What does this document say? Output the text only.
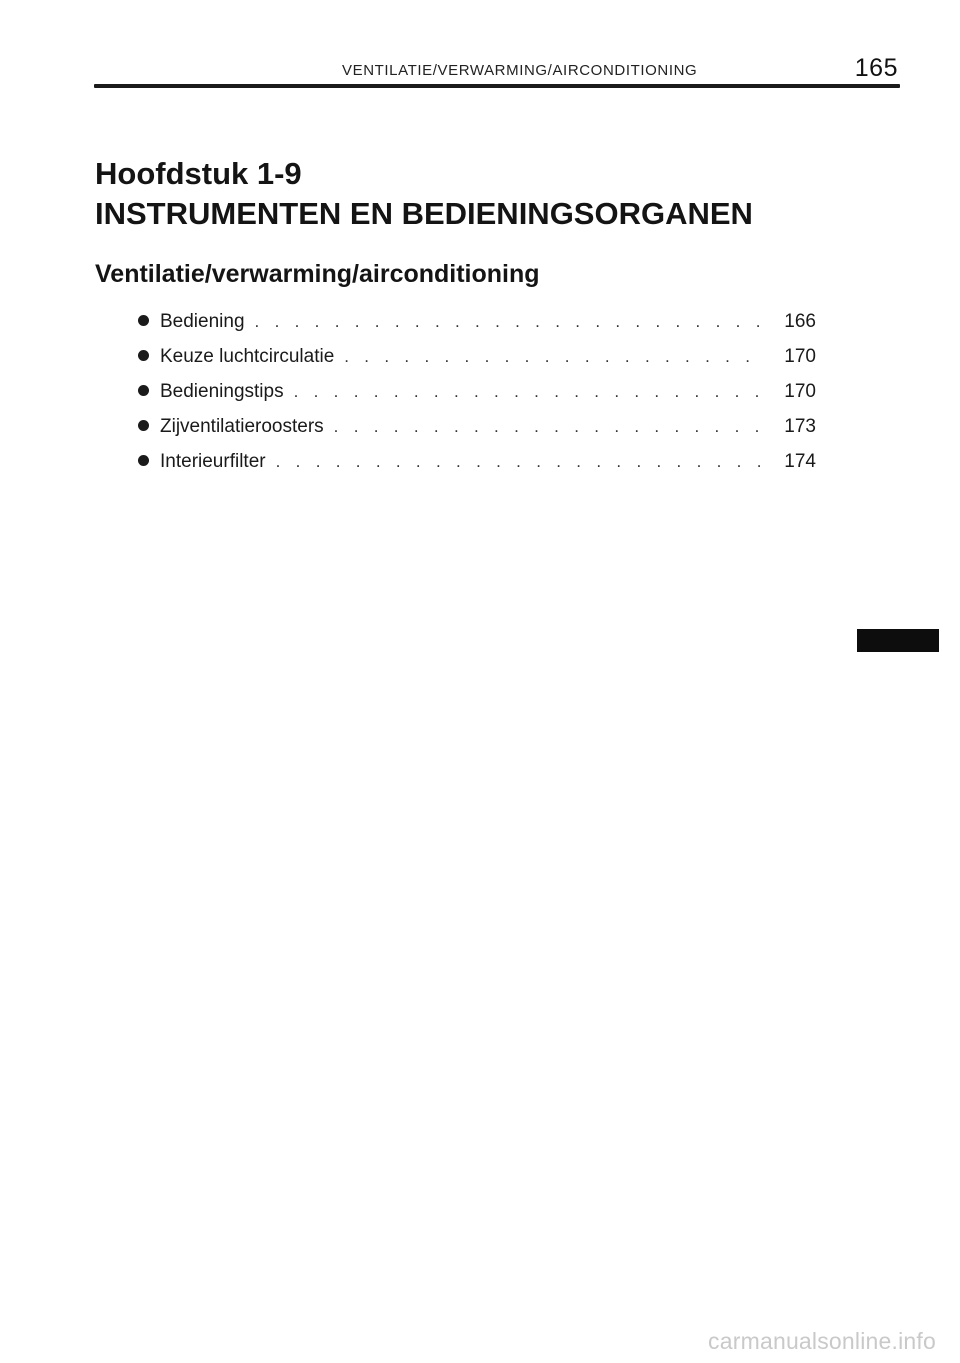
VENTILATIE/VERWARMING/AIRCONDITIONING	165
Hoofdstuk 1-9
INSTRUMENTEN EN BEDIENINGSORGANEN
Ventilatie/verwarming/airconditioning
Bediening . . .	166
Keuze luchtcirculatie . . .	170
Bedieningstips . . .	170
Zijventilatieroosters . . .	173
Interieurfilter . . .	174
carmanualsonline.info
